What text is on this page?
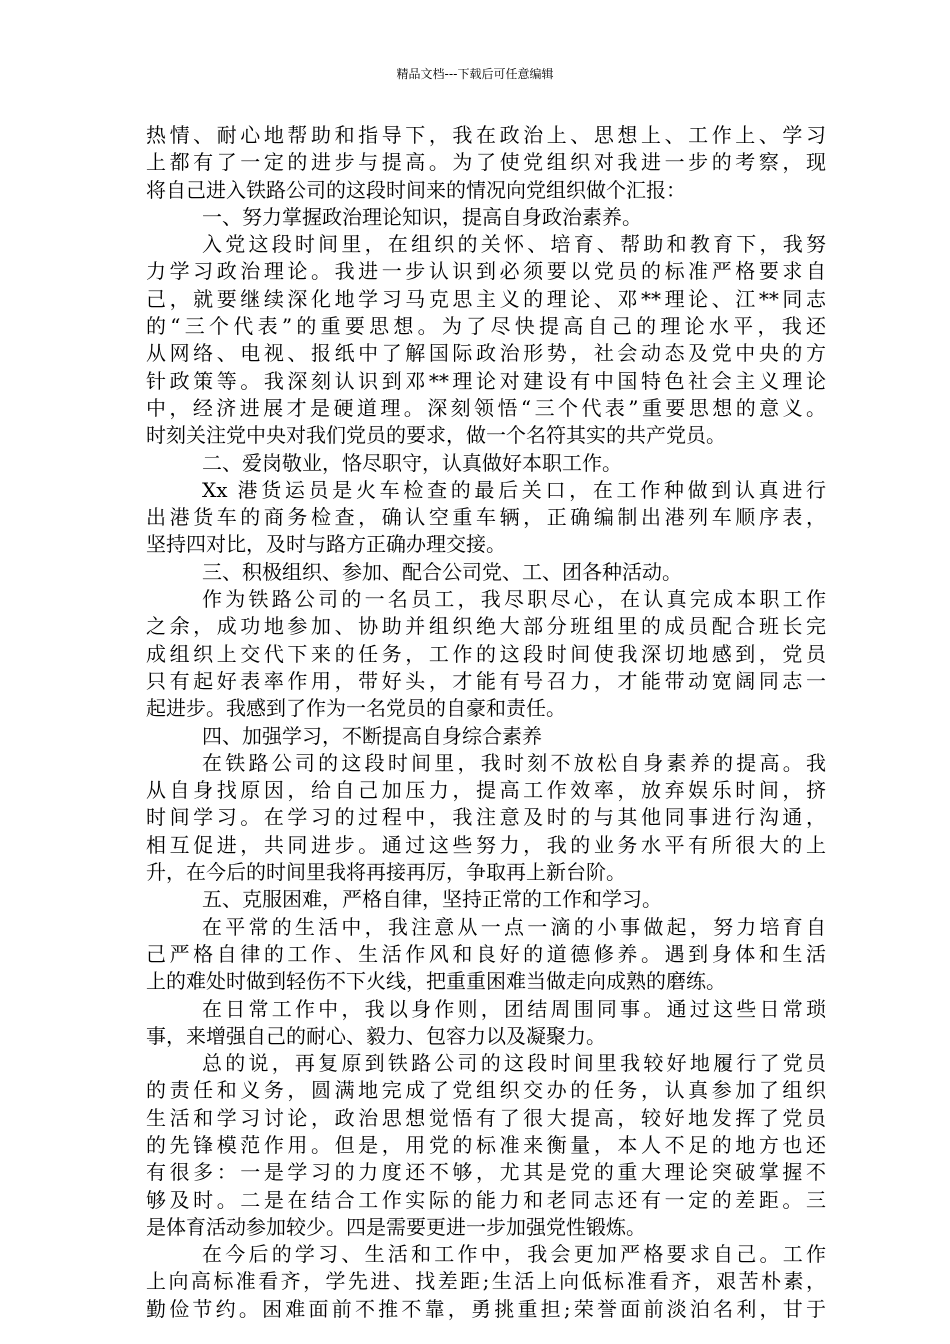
精品文档---下载后可任意编辑
热情、耐心地帮助和指导下，我在政治上、思想上、工作上、学习
上都有了一定的进步与提高。为了使党组织对我进一步的考察，现
将自己进入铁路公司的这段时间来的情况向党组织做个汇报：
一、努力掌握政治理论知识，提高自身政治素养。
入党这段时间里，在组织的关怀、培育、帮助和教育下，我努
力学习政治理论。我进一步认识到必须要以党员的标准严格要求自
己，就要继续深化地学习马克思主义的理论、邓**理论、江**同志
的“三个代表”的重要思想。为了尽快提高自己的理论水平，我还
从网络、电视、报纸中了解国际政治形势，社会动态及党中央的方
针政策等。我深刻认识到邓**理论对建设有中国特色社会主义理论
中，经济进展才是硬道理。深刻领悟“三个代表”重要思想的意义。
时刻关注党中央对我们党员的要求，做一个名符其实的共产党员。
二、爱岗敬业，恪尽职守，认真做好本职工作。
Xx 港货运员是火车检查的最后关口，在工作种做到认真进行
出港货车的商务检查，确认空重车辆，正确编制出港列车顺序表，
坚持四对比，及时与路方正确办理交接。
三、积极组织、参加、配合公司党、工、团各种活动。
作为铁路公司的一名员工，我尽职尽心，在认真完成本职工作
之余，成功地参加、协助并组织绝大部分班组里的成员配合班长完
成组织上交代下来的任务，工作的这段时间使我深切地感到，党员
只有起好表率作用，带好头，才能有号召力，才能带动宽阔同志一
起进步。我感到了作为一名党员的自豪和责任。
四、加强学习，不断提高自身综合素养
在铁路公司的这段时间里，我时刻不放松自身素养的提高。我
从自身找原因，给自己加压力，提高工作效率，放弃娱乐时间，挤
时间学习。在学习的过程中，我注意及时的与其他同事进行沟通，
相互促进，共同进步。通过这些努力，我的业务水平有所很大的上
升，在今后的时间里我将再接再厉，争取再上新台阶。
五、克服困难，严格自律，坚持正常的工作和学习。
在平常的生活中，我注意从一点一滴的小事做起，努力培育自
己严格自律的工作、生活作风和良好的道德修养。遇到身体和生活
上的难处时做到轻伤不下火线，把重重困难当做走向成熟的磨练。
在日常工作中，我以身作则，团结周围同事。通过这些日常琐
事，来增强自己的耐心、毅力、包容力以及凝聚力。
总的说，再复原到铁路公司的这段时间里我较好地履行了党员
的责任和义务，圆满地完成了党组织交办的任务，认真参加了组织
生活和学习讨论，政治思想觉悟有了很大提高，较好地发挥了党员
的先锋模范作用。但是，用党的标准来衡量，本人不足的地方也还
有很多：一是学习的力度还不够，尤其是党的重大理论突破掌握不
够及时。二是在结合工作实际的能力和老同志还有一定的差距。三
是体育活动参加较少。四是需要更进一步加强党性锻炼。
在今后的学习、生活和工作中，我会更加严格要求自己。工作
上向高标准看齐，学先进、找差距;生活上向低标准看齐，艰苦朴素，
勤俭节约。困难面前不推不靠，勇挑重担;荣誉面前淡泊名利，甘于
